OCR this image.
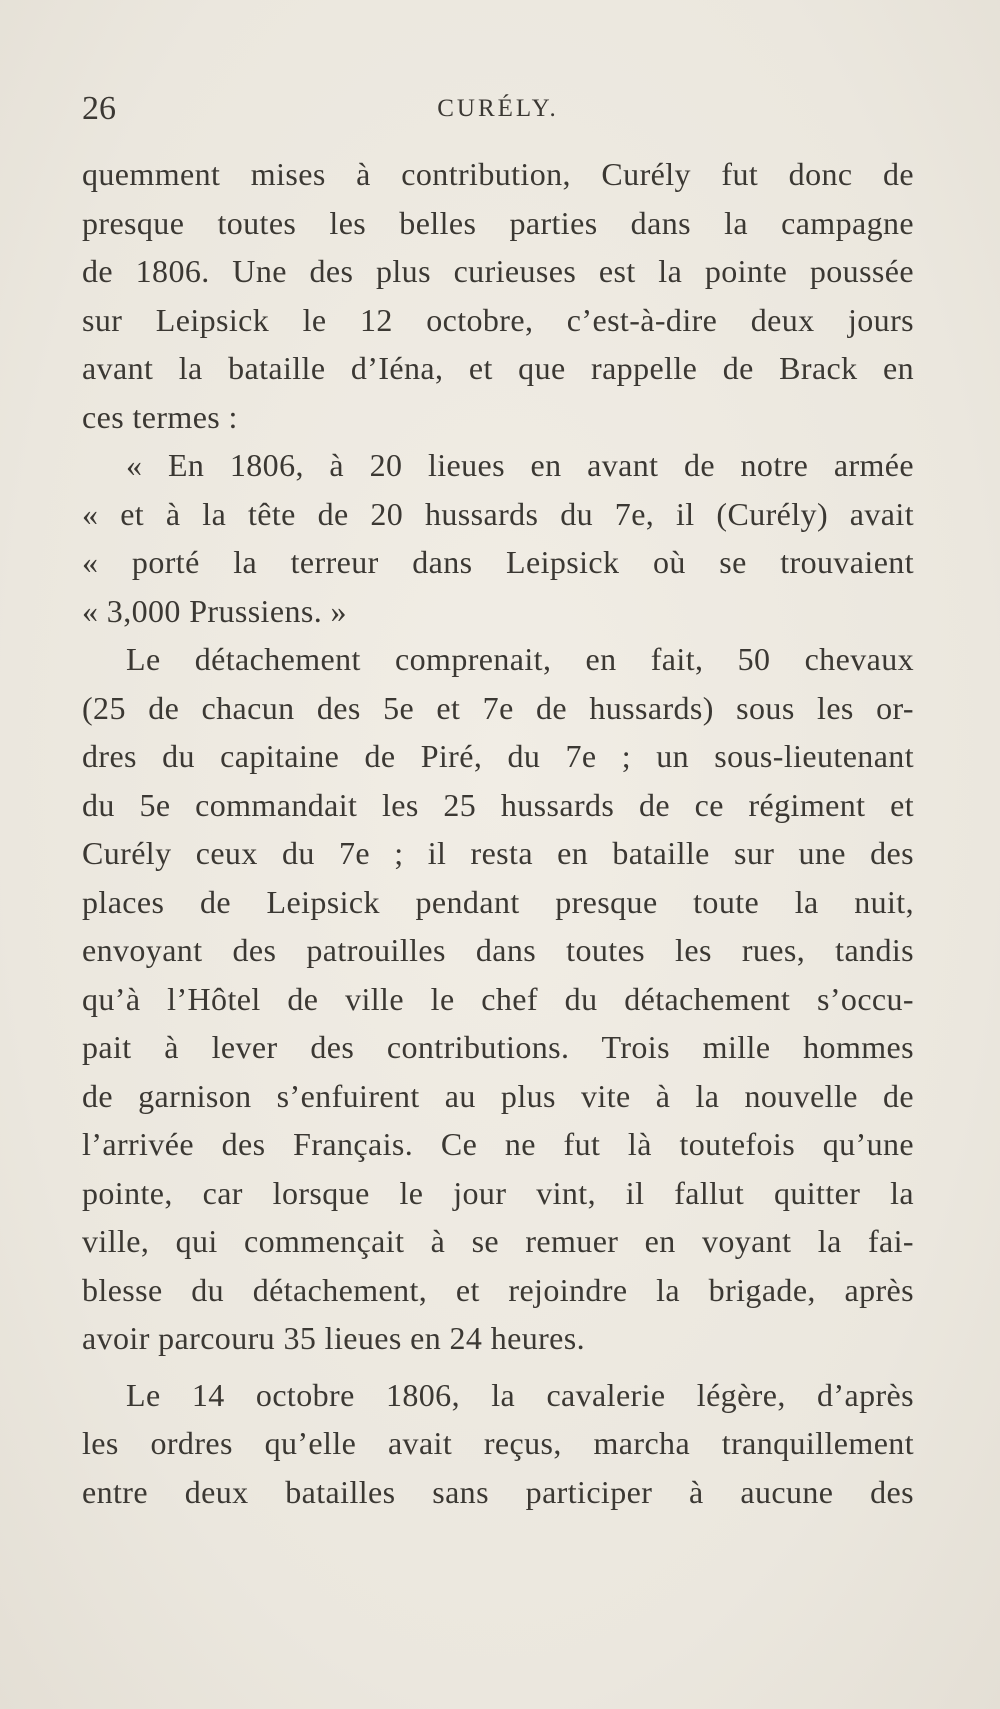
26	CURÉLY.
quemment mises à contribution, Curély fut donc de
presque toutes les belles parties dans la campagne
de 1806. Une des plus curieuses est la pointe poussée
sur Leipsick le 12 octobre, c’est-à-dire deux jours
avant la bataille d’Iéna, et que rappelle de Brack en
ces termes :
« En 1806, à 20 lieues en avant de notre armée
« et à la tête de 20 hussards du 7e, il (Curély) avait
« porté la terreur dans Leipsick où se trouvaient
« 3,000 Prussiens. »
Le détachement comprenait, en fait, 50 chevaux
(25 de chacun des 5e et 7e de hussards) sous les or-
dres du capitaine de Piré, du 7e ; un sous-lieutenant
du 5e commandait les 25 hussards de ce régiment et
Curély ceux du 7e ; il resta en bataille sur une des
places de Leipsick pendant presque toute la nuit,
envoyant des patrouilles dans toutes les rues, tandis
qu’à l’Hôtel de ville le chef du détachement s’occu-
pait à lever des contributions. Trois mille hommes
de garnison s’enfuirent au plus vite à la nouvelle de
l’arrivée des Français. Ce ne fut là toutefois qu’une
pointe, car lorsque le jour vint, il fallut quitter la
ville, qui commençait à se remuer en voyant la fai-
blesse du détachement, et rejoindre la brigade, après
avoir parcouru 35 lieues en 24 heures.
Le 14 octobre 1806, la cavalerie légère, d’après
les ordres qu’elle avait reçus, marcha tranquillement
entre deux batailles sans participer à aucune des
